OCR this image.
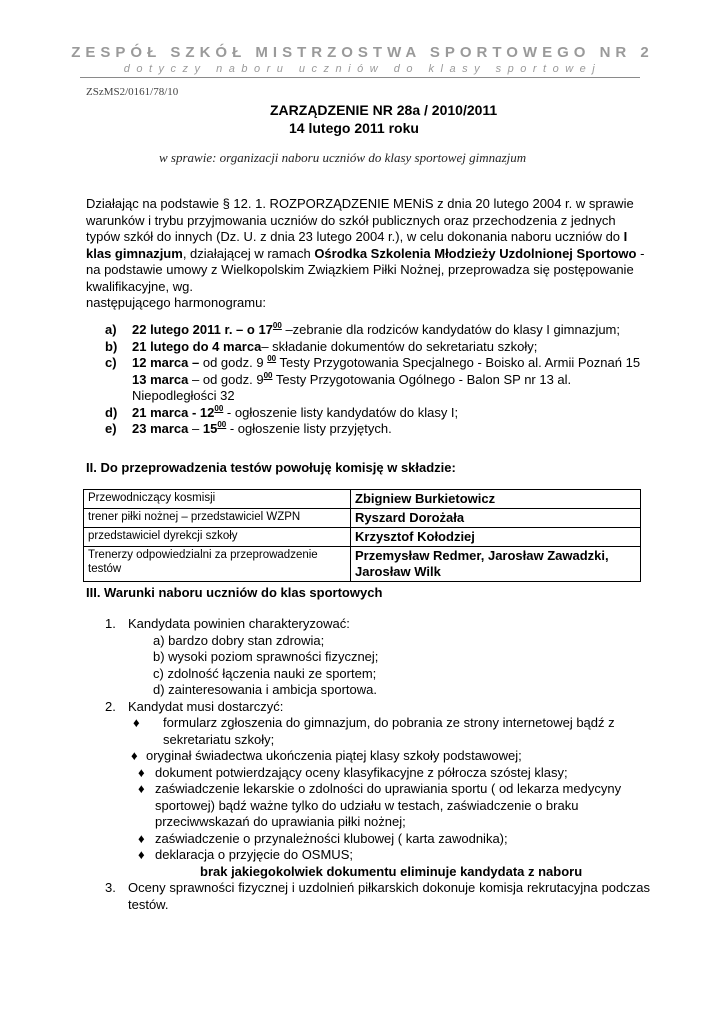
ZESPÓŁ SZKÓŁ MISTRZOSTWA SPORTOWEGO NR 2
dotyczy naboru uczniów do klasy sportowej
ZSzMS2/0161/78/10
ZARZĄDZENIE NR 28a / 2010/2011
14 lutego 2011 roku
w sprawie: organizacji naboru uczniów do klasy sportowej gimnazjum
Działając na podstawie § 12. 1. ROZPORZĄDZENIE MENiS z dnia 20 lutego 2004 r. w sprawie warunków i trybu przyjmowania uczniów do szkół publicznych oraz przechodzenia z jednych typów szkół do innych (Dz. U. z dnia 23 lutego 2004 r.), w celu dokonania naboru uczniów do I klas gimnazjum, działającej w ramach Ośrodka Szkolenia Młodzieży Uzdolnionej Sportowo - na podstawie umowy z Wielkopolskim Związkiem Piłki Nożnej, przeprowadza się postępowanie kwalifikacyjne, wg.
następującego harmonogramu:
a) 22 lutego 2011 r. – o $17^{00}$ –zebranie dla rodziców kandydatów do klasy I gimnazjum;
b) 21 lutego do 4 marca– składanie dokumentów do sekretariatu szkoły;
c) 12 marca – od godz. 9 $^{00}$ Testy Przygotowania Specjalnego - Boisko al. Armii Poznań 15
13 marca – od godz. $9^{00}$ Testy Przygotowania Ogólnego - Balon SP nr 13 al. Niepodległości 32
d) 21 marca - $12^{00}$ - ogłoszenie listy kandydatów do klasy I;
e) 23 marca – $15^{00}$ - ogłoszenie listy przyjętych.
II. Do przeprowadzenia testów powołuję komisję w składzie:
Przewodniczący kosmisji	Zbigniew Burkietowicz
trener piłki nożnej – przedstawiciel WZPN	Ryszard Dorożała
przedstawiciel dyrekcji szkoły	Krzysztof Kołodziej
Trenerzy odpowiedzialni za przeprowadzenie testów	Przemysław Redmer, Jarosław Zawadzki, Jarosław Wilk
III. Warunki naboru uczniów do klas sportowych
1. Kandydata powinien charakteryzować:
a) bardzo dobry stan zdrowia;
b) wysoki poziom sprawności fizycznej;
c) zdolność łączenia nauki ze sportem;
d) zainteresowania i ambicja sportowa.
2. Kandydat musi dostarczyć:
♦ formularz zgłoszenia do gimnazjum, do pobrania ze strony internetowej bądź z sekretariatu szkoły;
♦ oryginał świadectwa ukończenia piątej klasy szkoły podstawowej;
♦ dokument potwierdzający oceny klasyfikacyjne z półrocza szóstej klasy;
♦ zaświadczenie lekarskie o zdolności do uprawiania sportu ( od lekarza medycyny sportowej) bądź ważne tylko do udziału w testach, zaświadczenie o braku przeciwwskazań do uprawiania piłki nożnej;
♦ zaświadczenie o przynależności klubowej ( karta zawodnika);
♦ deklaracja o przyjęcie do OSMUS;
brak jakiegokolwiek dokumentu eliminuje kandydata z naboru
3. Oceny sprawności fizycznej i uzdolnień piłkarskich dokonuje komisja rekrutacyjna podczas testów.
